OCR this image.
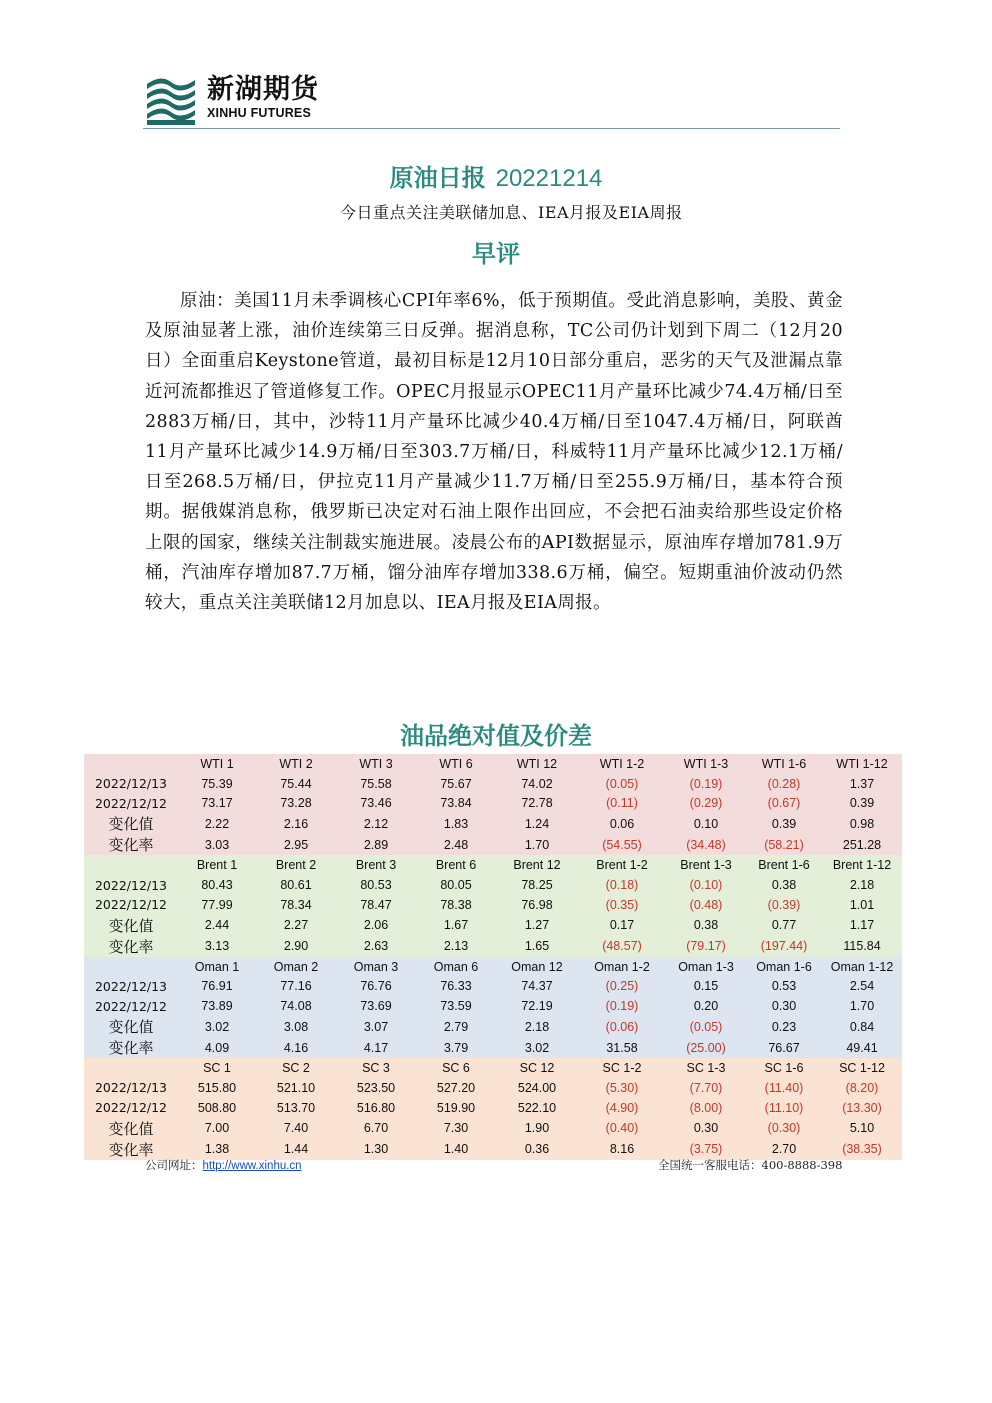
新湖期货
XINHU FUTURES
原油日报 20221214
今日重点关注美联储加息、IEA月报及EIA周报
早评
原油：美国11月未季调核心CPI年率6%，低于预期值。受此消息影响，美股、黄金及原油显著上涨，油价连续第三日反弹。据消息称，TC公司仍计划到下周二（12月20日）全面重启Keystone管道，最初目标是12月10日部分重启，恶劣的天气及泄漏点靠近河流都推迟了管道修复工作。OPEC月报显示OPEC11月产量环比减少74.4万桶/日至2883万桶/日，其中，沙特11月产量环比减少40.4万桶/日至1047.4万桶/日，阿联酋11月产量环比减少14.9万桶/日至303.7万桶/日，科威特11月产量环比减少12.1万桶/日至268.5万桶/日，伊拉克11月产量减少11.7万桶/日至255.9万桶/日，基本符合预期。据俄媒消息称，俄罗斯已决定对石油上限作出回应，不会把石油卖给那些设定价格上限的国家，继续关注制裁实施进展。凌晨公布的API数据显示，原油库存增加781.9万桶，汽油库存增加87.7万桶，馏分油库存增加338.6万桶，偏空。短期重油价波动仍然较大，重点关注美联储12月加息以、IEA月报及EIA周报。
油品绝对值及价差
	WTI 1	WTI 2	WTI 3	WTI 6	WTI 12	WTI 1-2	WTI 1-3	WTI 1-6	WTI 1-12
2022/12/13	75.39	75.44	75.58	75.67	74.02	(0.05)	(0.19)	(0.28)	1.37
2022/12/12	73.17	73.28	73.46	73.84	72.78	(0.11)	(0.29)	(0.67)	0.39
变化值	2.22	2.16	2.12	1.83	1.24	0.06	0.10	0.39	0.98
变化率	3.03	2.95	2.89	2.48	1.70	(54.55)	(34.48)	(58.21)	251.28
	Brent 1	Brent 2	Brent 3	Brent 6	Brent 12	Brent 1-2	Brent 1-3	Brent 1-6	Brent 1-12
2022/12/13	80.43	80.61	80.53	80.05	78.25	(0.18)	(0.10)	0.38	2.18
2022/12/12	77.99	78.34	78.47	78.38	76.98	(0.35)	(0.48)	(0.39)	1.01
变化值	2.44	2.27	2.06	1.67	1.27	0.17	0.38	0.77	1.17
变化率	3.13	2.90	2.63	2.13	1.65	(48.57)	(79.17)	(197.44)	115.84
	Oman 1	Oman 2	Oman 3	Oman 6	Oman 12	Oman 1-2	Oman 1-3	Oman 1-6	Oman 1-12
2022/12/13	76.91	77.16	76.76	76.33	74.37	(0.25)	0.15	0.53	2.54
2022/12/12	73.89	74.08	73.69	73.59	72.19	(0.19)	0.20	0.30	1.70
变化值	3.02	3.08	3.07	2.79	2.18	(0.06)	(0.05)	0.23	0.84
变化率	4.09	4.16	4.17	3.79	3.02	31.58	(25.00)	76.67	49.41
	SC 1	SC 2	SC 3	SC 6	SC 12	SC 1-2	SC 1-3	SC 1-6	SC 1-12
2022/12/13	515.80	521.10	523.50	527.20	524.00	(5.30)	(7.70)	(11.40)	(8.20)
2022/12/12	508.80	513.70	516.80	519.90	522.10	(4.90)	(8.00)	(11.10)	(13.30)
变化值	7.00	7.40	6.70	7.30	1.90	(0.40)	0.30	(0.30)	5.10
变化率	1.38	1.44	1.30	1.40	0.36	8.16	(3.75)	2.70	(38.35)
公司网址：http://www.xinhu.cn	全国统一客服电话：400-8888-398
